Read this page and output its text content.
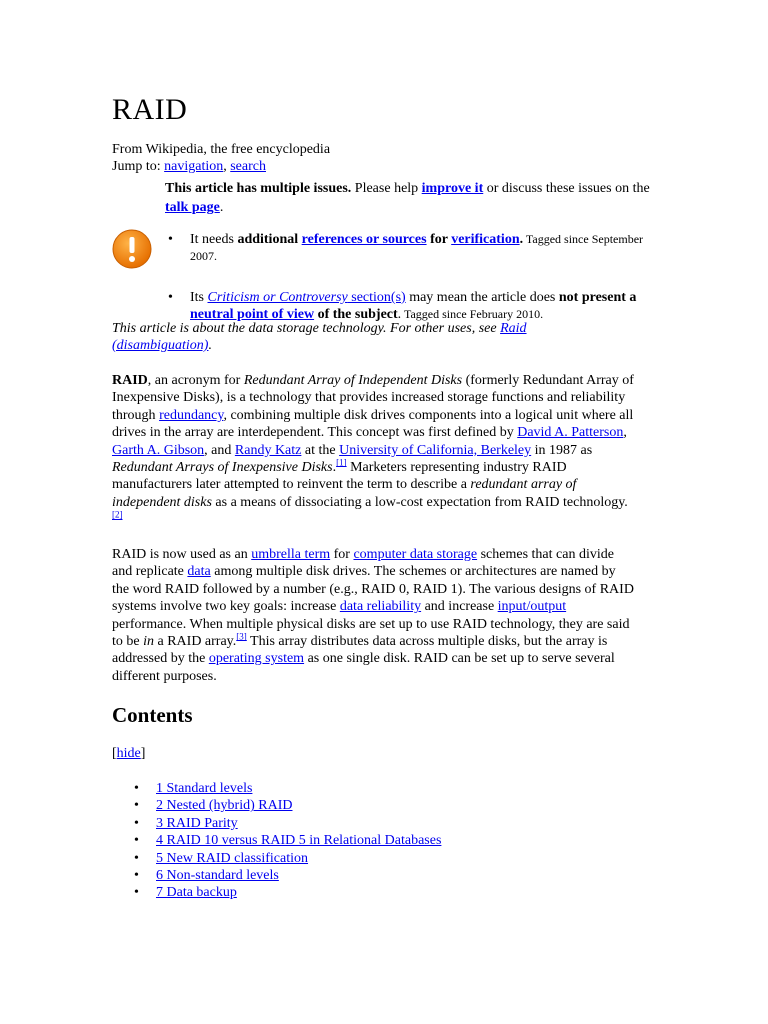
RAID
From Wikipedia, the free encyclopedia
Jump to: navigation, search
This article has multiple issues. Please help improve it or discuss these issues on the talk page.
• It needs additional references or sources for verification. Tagged since September 2007.
• Its Criticism or Controversy section(s) may mean the article does not present a neutral point of view of the subject. Tagged since February 2010.
This article is about the data storage technology. For other uses, see Raid (disambiguation).
RAID, an acronym for Redundant Array of Independent Disks (formerly Redundant Array of Inexpensive Disks), is a technology that provides increased storage functions and reliability through redundancy, combining multiple disk drives components into a logical unit where all drives in the array are interdependent. This concept was first defined by David A. Patterson, Garth A. Gibson, and Randy Katz at the University of California, Berkeley in 1987 as Redundant Arrays of Inexpensive Disks.[1] Marketers representing industry RAID manufacturers later attempted to reinvent the term to describe a redundant array of independent disks as a means of dissociating a low-cost expectation from RAID technology.[2]
RAID is now used as an umbrella term for computer data storage schemes that can divide and replicate data among multiple disk drives. The schemes or architectures are named by the word RAID followed by a number (e.g., RAID 0, RAID 1). The various designs of RAID systems involve two key goals: increase data reliability and increase input/output performance. When multiple physical disks are set up to use RAID technology, they are said to be in a RAID array.[3] This array distributes data across multiple disks, but the array is addressed by the operating system as one single disk. RAID can be set up to serve several different purposes.
Contents
[hide]
• 1 Standard levels
• 2 Nested (hybrid) RAID
• 3 RAID Parity
• 4 RAID 10 versus RAID 5 in Relational Databases
• 5 New RAID classification
• 6 Non-standard levels
• 7 Data backup
